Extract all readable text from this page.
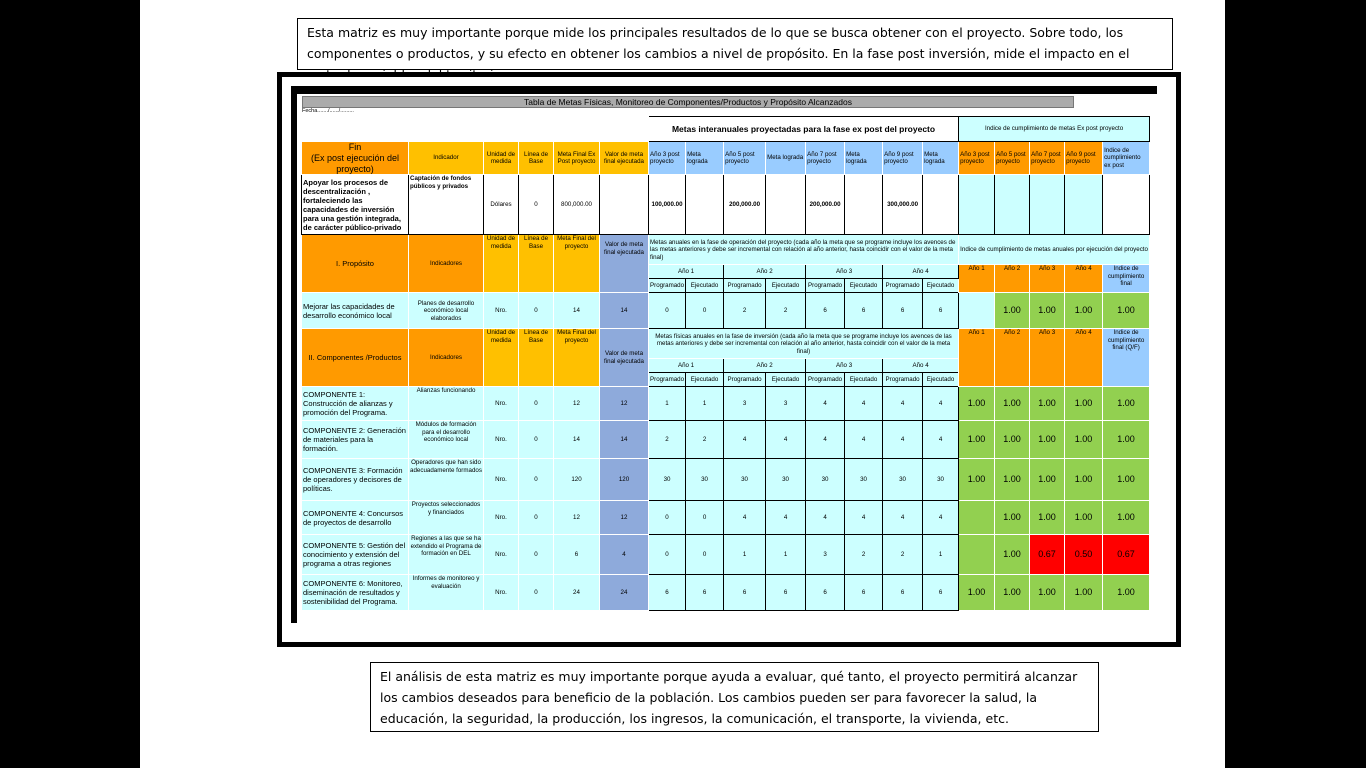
Esta matriz es muy importante porque mide los principales resultados de lo que se busca obtener con el proyecto. Sobre todo, los componentes o productos, y su efecto en obtener los cambios a nivel de propósito. En la fase post inversión, mide el impacto en el
Tabla de Metas Físicas, Monitoreo de Componentes/Productos y Propósito Alcanzados
Fecha......./....../.........
						Metas interanuales proyectadas para la fase ex post del proyecto								Indice de cumplimiento de metas Ex post proyecto				
Fin
(Ex post ejecución del proyecto)	Indicador	Unidad de medida	Línea de Base	Meta Final Ex Post proyecto	Valor de meta final ejecutada	Año 3 post proyecto	Meta lograda	Año 5 post proyecto	Meta lograda	Año 7 post proyecto	Meta lograda	Año 9 post proyecto	Meta lograda	Año 3 post proyecto	Año 5 post proyecto	Año 7 post proyecto	Año 9 post proyecto	Indice de cumplimiento ex post
Apoyar los procesos de descentralización , fortaleciendo las capacidades de inversión para una gestión integrada, de carácter público-privado	Captación de fondos públicos y privados	Dólares	0	800,000.00		100,000.00		200,000.00		200,000.00		300,000.00						
I. Propósito	Indicadores	Unidad de medida	Línea de Base	Meta Final del proyecto	Valor de meta final ejecutada	Metas anuales en la fase de operación del proyecto (cada año la meta que se programe incluye los avences de las metas anteriores y debe ser incremental con relación al año anterior, hasta coincidir con el valor de la meta final)								Indice de cumplimiento de metas anuales por ejecución del proyecto				
						Año 1		Año 2		Año 3		Año 4		Año 1	Año 2	Año 3	Año 4	Indice de cumplimiento final
						Programado	Ejecutado	Programado	Ejecutado	Programado	Ejecutado	Programado	Ejecutado					
Mejorar las capacidades de desarrollo económico local	Planes de desarrollo económico local elaborados	Nro.	0	14	14	0	0	2	2	6	6	6	6		1.00	1.00	1.00	1.00
II. Componentes /Productos	Indicadores	Unidad de medida	Línea de Base	Meta Final del proyecto	Valor de meta final ejecutada	Metas físicas anuales en la fase de inversión (cada año la meta que se programe incluye los avences de las metas anteriores y debe ser incremental con relación al año anterior, hasta coincidir con el valor de la meta final)								Año 1	Año 2	Año 3	Año 4	Indice de cumplimiento final (Q/F)
						Año 1		Año 2		Año 3		Año 4						
						Programado	Ejecutado	Programado	Ejecutado	Programado	Ejecutado	Programado	Ejecutado					
COMPONENTE 1: Construcción de alianzas y promoción del Programa.	Alianzas funcionando	Nro.	0	12	12	1	1	3	3	4	4	4	4	1.00	1.00	1.00	1.00	1.00
COMPONENTE 2: Generación de materiales para la formación.	Módulos de formación para el desarrollo económico local	Nro.	0	14	14	2	2	4	4	4	4	4	4	1.00	1.00	1.00	1.00	1.00
COMPONENTE 3: Formación de operadores y decisores de políticas.	Operadores que han sido adecuadamente formados	Nro.	0	120	120	30	30	30	30	30	30	30	30	1.00	1.00	1.00	1.00	1.00
COMPONENTE 4: Concursos de proyectos de desarrollo	Proyectos seleccionados y financiados	Nro.	0	12	12	0	0	4	4	4	4	4	4		1.00	1.00	1.00	1.00
COMPONENTE 5: Gestión del conocimiento y extensión del programa a otras regiones	Regiones a las que se ha extendido el Programa de formación en DEL	Nro.	0	6	4	0	0	1	1	3	2	2	1		1.00	0.67	0.50	0.67
COMPONENTE 6: Monitoreo, diseminación de resultados y sostenibilidad del Programa.	Informes de monitoreo y evaluación	Nro.	0	24	24	6	6	6	6	6	6	6	6	1.00	1.00	1.00	1.00	1.00
El análisis de esta matriz es muy importante porque ayuda a evaluar, qué tanto, el proyecto permitirá alcanzar los cambios deseados para beneficio de la población. Los cambios pueden ser para favorecer la salud, la educación, la seguridad, la producción, los ingresos, la comunicación, el transporte, la vivienda, etc.
